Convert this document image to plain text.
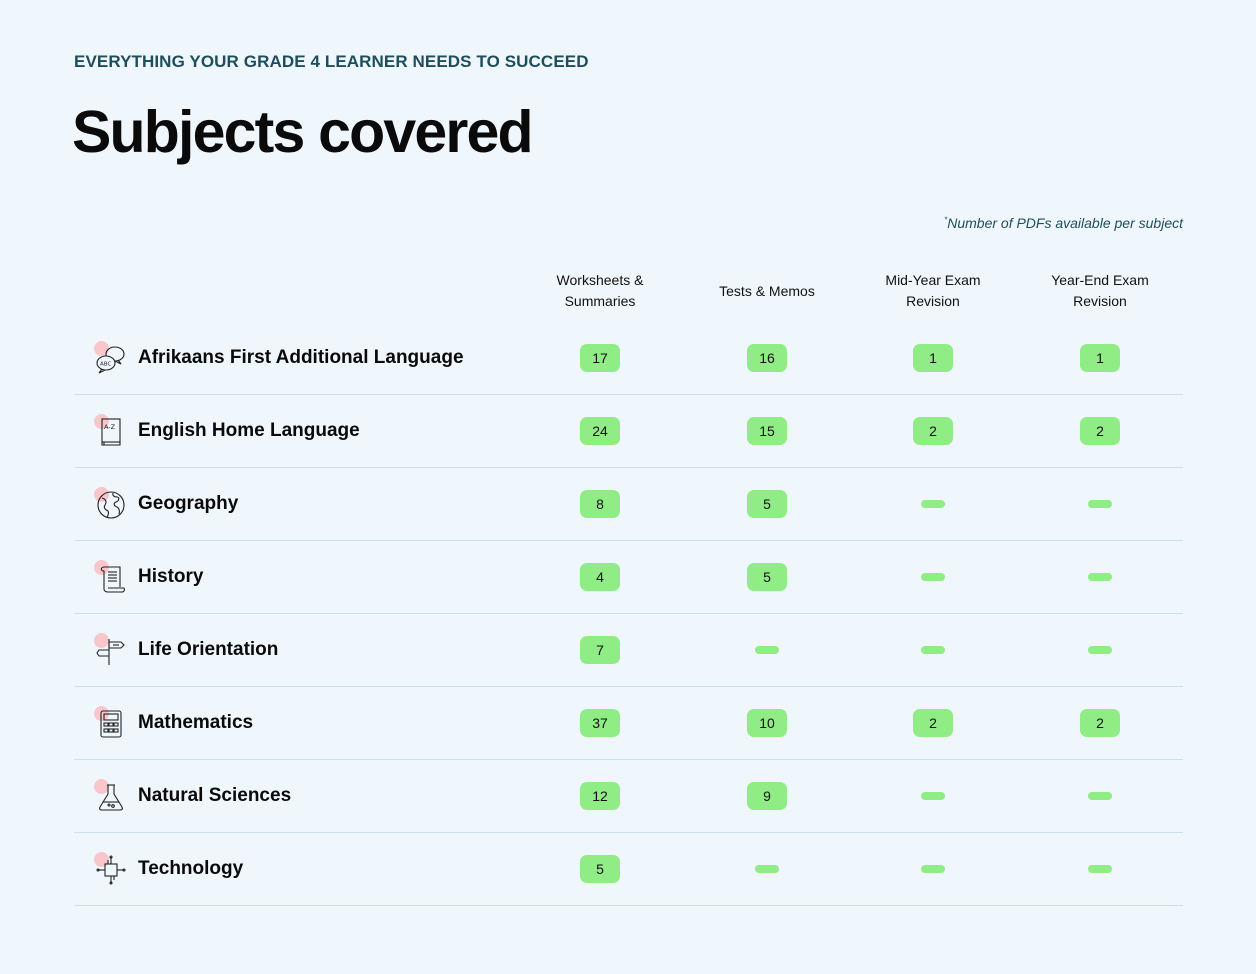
EVERYTHING YOUR GRADE 4 LEARNER NEEDS TO SUCCEED
Subjects covered
*Number of PDFs available per subject
Worksheets &
Summaries
Tests & Memos
Mid-Year Exam
Revision
Year-End Exam
Revision
ABC Afrikaans First Additional Language	17	16	1	1
A-Z English Home Language	24	15	2	2
Geography	8	5
History	4	5
Life Orientation	7
Mathematics	37	10	2	2
Natural Sciences	12	9
Technology	5
